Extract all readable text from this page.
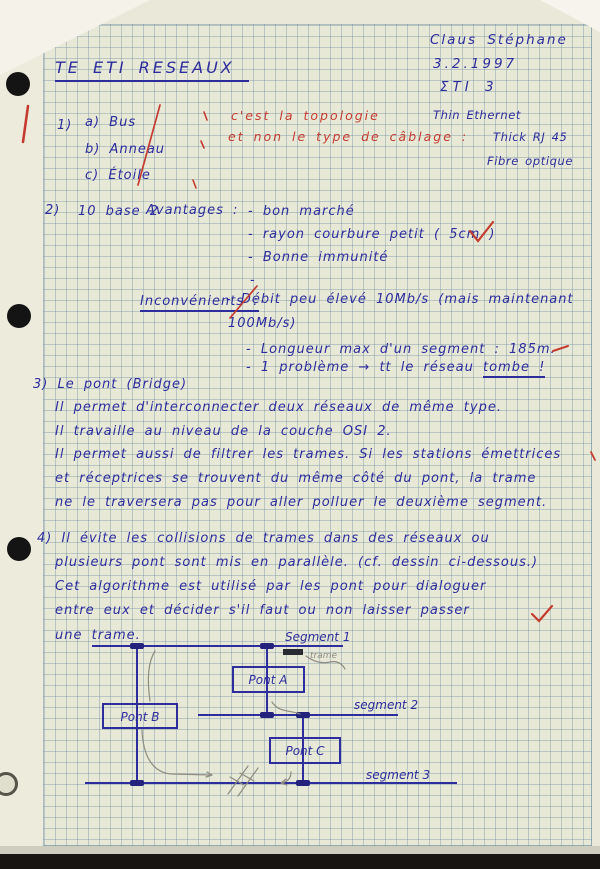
Claus Stéphane
3.2.1997
ΣTI 3
TE ETI RESEAUX
1) a) Bus
b) Anneau
c) Étoile
c'est la topologie
et non le type de câblage :
Thin Ethernet
Thick RJ 45
Fibre optique
2) 10 base 2
Avantages : - bon marché
- rayon courbure petit ( 5cm )
- Bonne immunité
-
Inconvénients :
- Débit peu élevé 10Mb/s (mais maintenant
100Mb/s)
- Longueur max d'un segment : 185m.
- 1 problème → tt le réseau tombe !
3) Le pont (Bridge)
Il permet d'interconnecter deux réseaux de même type.
Il travaille au niveau de la couche OSI 2.
Il permet aussi de filtrer les trames. Si les stations émettrices
et réceptrices se trouvent du même côté du pont, la trame
ne le traversera pas pour aller polluer le deuxième segment.
4) Il évite les collisions de trames dans des réseaux ou
plusieurs pont sont mis en parallèle. (cf. dessin ci-dessous.)
Cet algorithme est utilisé par les pont pour dialoguer
entre eux et décider s'il faut ou non laisser passer
une trame.	Segment 1
segment 2
segment 3
Pont A
Pont B
Pont C
trame
